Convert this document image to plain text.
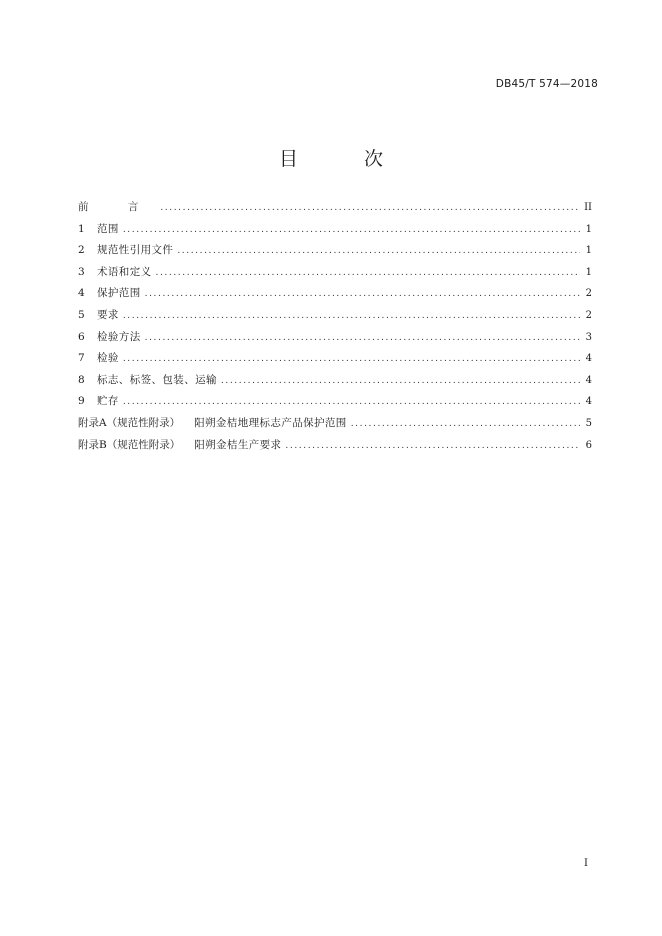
DB45/T 574—2018
目 次
前 言 .....	II
1	范围 .....	1
2	规范性引用文件 .....	1
3	术语和定义 .....	1
4	保护范围 .....	2
5	要求 .....	2
6	检验方法 .....	3
7	检验 .....	4
8	标志、标签、包装、运输 .....	4
9	贮存 .....	4
附录A（规范性附录） 阳朔金桔地理标志产品保护范围 .....	5
附录B（规范性附录） 阳朔金桔生产要求 .....	6
I
